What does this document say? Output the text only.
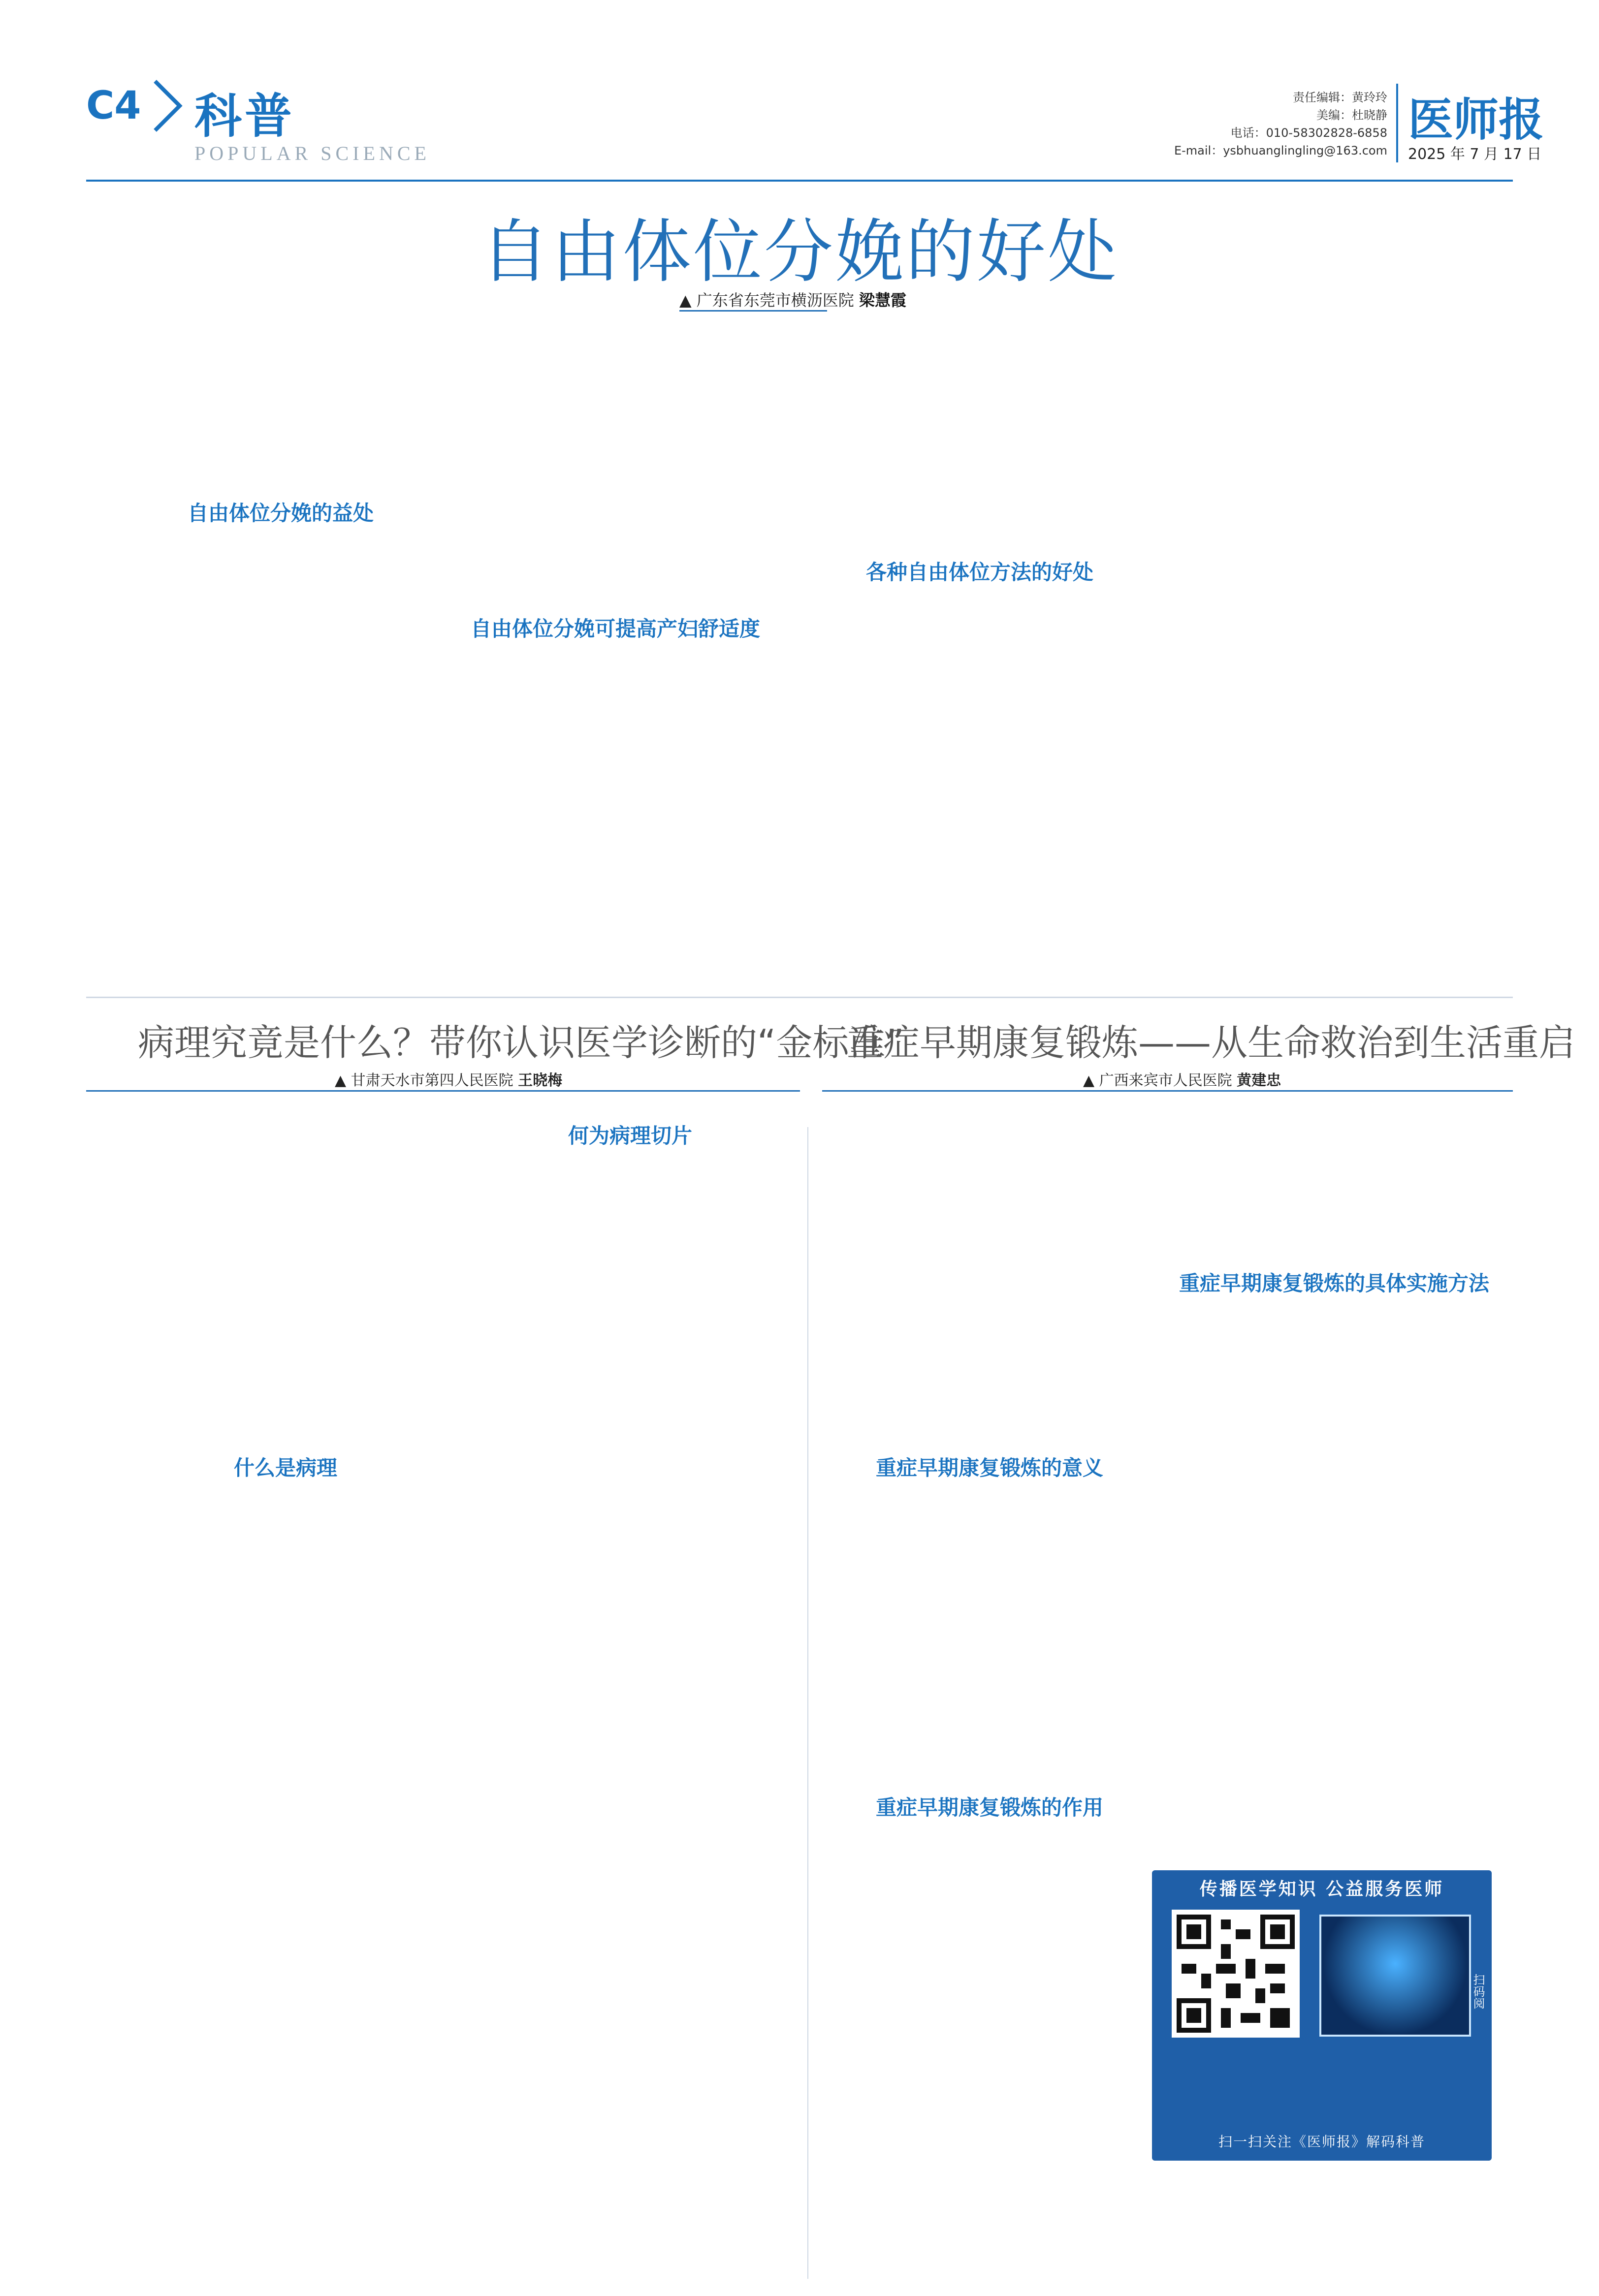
C4 科普
POPULAR SCIENCE
责任编辑：黄玲玲
美编：杜晓静
电话：010-58302828-6858
E-mail：ysbhuanglingling@163.com
医师报
2025 年 7 月 17 日
自由体位分娩的好处
▲ 广东省东莞市横沥医院 梁慧霞
自由体位分娩的益处
自由体位分娩可提高产妇舒适度
各种自由体位方法的好处
病理究竟是什么？带你认识医学诊断的“金标准”
▲ 甘肃天水市第四人民医院 王晓梅
重症早期康复锻炼——从生命救治到生活重启
▲ 广西来宾市人民医院 黄建忠
什么是病理
何为病理切片
重症早期康复锻炼的意义
重症早期康复锻炼的作用
重症早期康复锻炼的具体实施方法
传播医学知识 公益服务医师
扫码阅
扫一扫关注《医师报》解码科普
